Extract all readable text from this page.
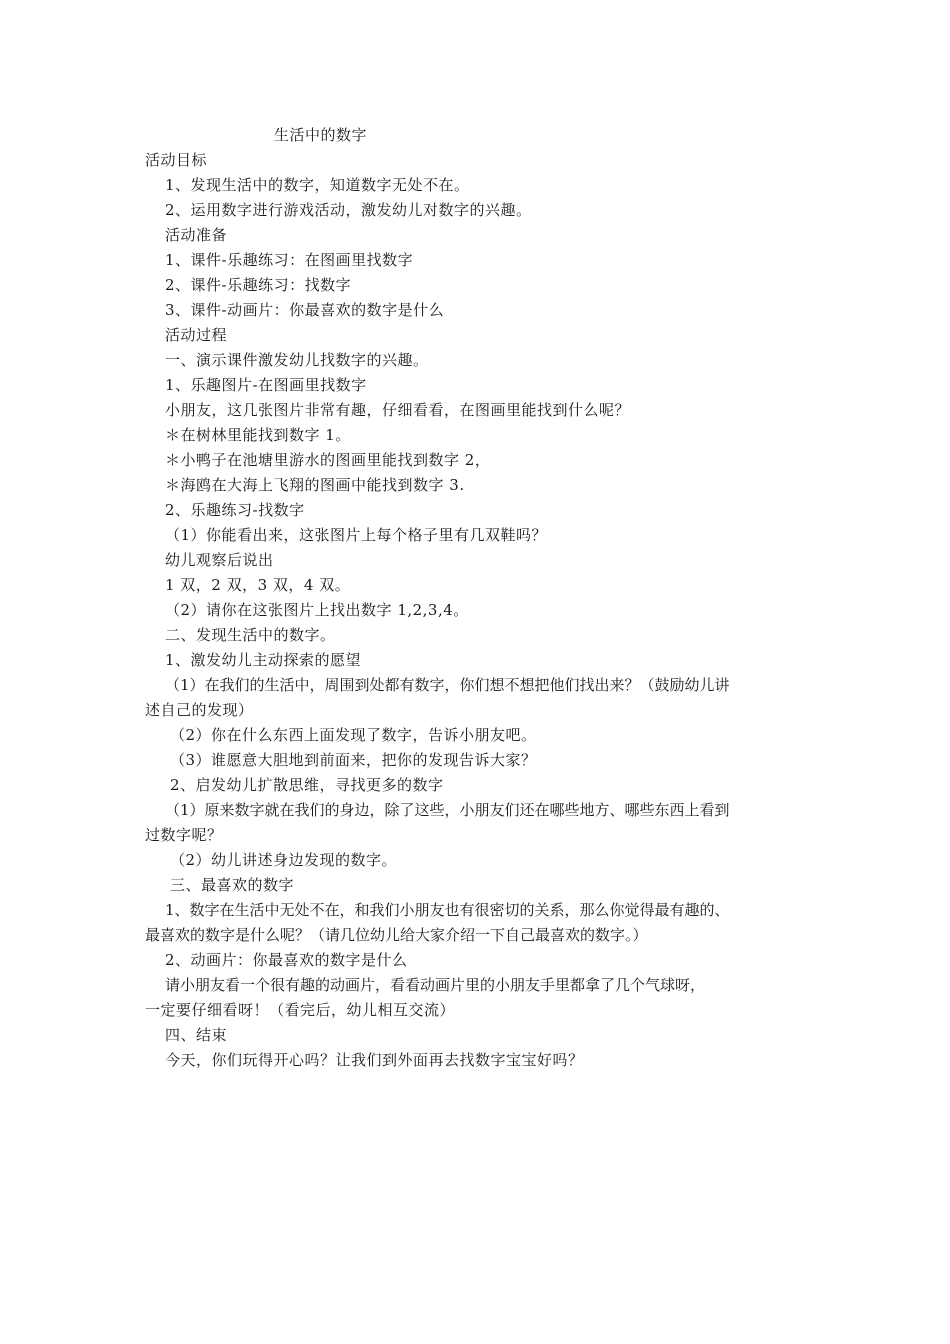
生活中的数字

活动目标

1、发现生活中的数字，知道数字无处不在。

2、运用数字进行游戏活动，激发幼儿对数字的兴趣。

活动准备

1、课件-乐趣练习：在图画里找数字

2、课件-乐趣练习：找数字

3、课件-动画片：你最喜欢的数字是什么

活动过程

一、演示课件激发幼儿找数字的兴趣。

1、乐趣图片-在图画里找数字

小朋友，这几张图片非常有趣，仔细看看，在图画里能找到什么呢？

＊在树林里能找到数字 1。

＊小鸭子在池塘里游水的图画里能找到数字 2，

＊海鸥在大海上飞翔的图画中能找到数字 3.

2、乐趣练习-找数字

（1）你能看出来，这张图片上每个格子里有几双鞋吗？

幼儿观察后说出

1 双，2 双，3 双，4 双。

（2）请你在这张图片上找出数字 1,2,3,4。

二、发现生活中的数字。

1、激发幼儿主动探索的愿望

（1）在我们的生活中，周围到处都有数字，你们想不想把他们找出来？（鼓励幼儿讲

述自己的发现）

（2）你在什么东西上面发现了数字，告诉小朋友吧。

（3）谁愿意大胆地到前面来，把你的发现告诉大家？

2、启发幼儿扩散思维，寻找更多的数字

（1）原来数字就在我们的身边，除了这些，小朋友们还在哪些地方、哪些东西上看到

过数字呢？

（2）幼儿讲述身边发现的数字。

三、最喜欢的数字

1、数字在生活中无处不在，和我们小朋友也有很密切的关系，那么你觉得最有趣的、

最喜欢的数字是什么呢？（请几位幼儿给大家介绍一下自己最喜欢的数字。）

2、动画片：你最喜欢的数字是什么

请小朋友看一个很有趣的动画片，看看动画片里的小朋友手里都拿了几个气球呀，

一定要仔细看呀！（看完后，幼儿相互交流）

四、结束

今天，你们玩得开心吗？让我们到外面再去找数字宝宝好吗？
